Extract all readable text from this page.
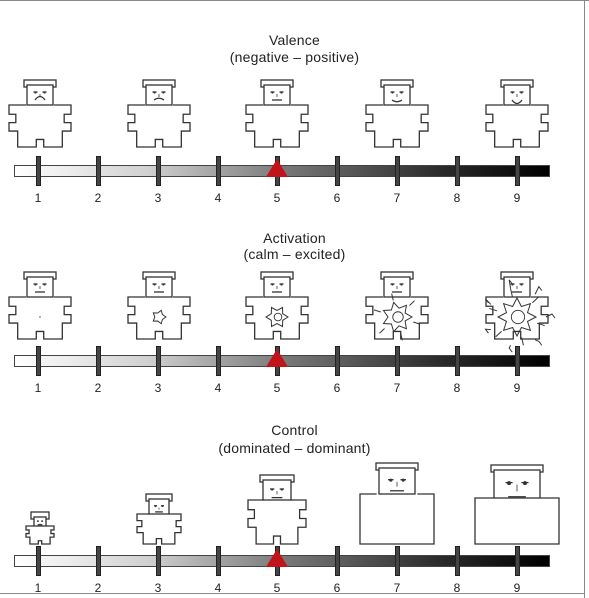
Valence
(negative – positive)
1	2	3	4	5	6	7	8	9
Activation
(calm – excited)
1	2	3	4	5	6	7	8	9
Control
(dominated – dominant)
1	2	3	4	5	6	7	8	9
